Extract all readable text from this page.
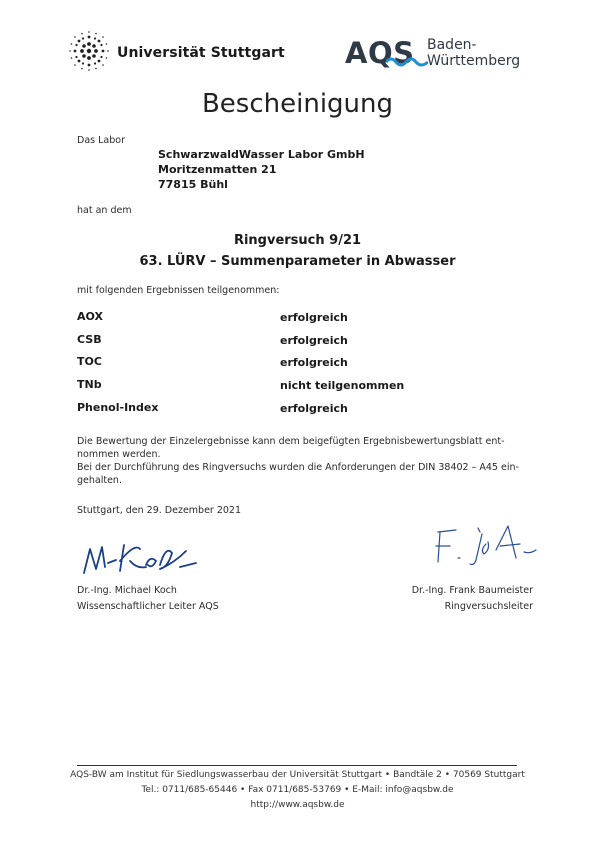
Universität Stuttgart AQS Baden-
Württemberg
Bescheinigung
Das Labor
SchwarzwaldWasser Labor GmbH
Moritzenmatten 21
77815 Bühl
hat an dem
Ringversuch 9/21
63. LÜRV – Summenparameter in Abwasser
mit folgenden Ergebnissen teilgenommen:
AOX	erfolgreich
CSB	erfolgreich
TOC	erfolgreich
TNb	nicht teilgenommen
Phenol-Index	erfolgreich
Die Bewertung der Einzelergebnisse kann dem beigefügten Ergebnisbewertungsblatt ent-
nommen werden.
Bei der Durchführung des Ringversuchs wurden die Anforderungen der DIN 38402 – A45 ein-
gehalten.
Stuttgart, den 29. Dezember 2021
Dr.-Ing. Michael Koch
Wissenschaftlicher Leiter AQS
Dr.-Ing. Frank Baumeister
Ringversuchsleiter
AQS-BW am Institut für Siedlungswasserbau der Universität Stuttgart • Bandtäle 2 • 70569 Stuttgart
Tel.: 0711/685-65446 • Fax 0711/685-53769 • E-Mail: info@aqsbw.de
http://www.aqsbw.de
